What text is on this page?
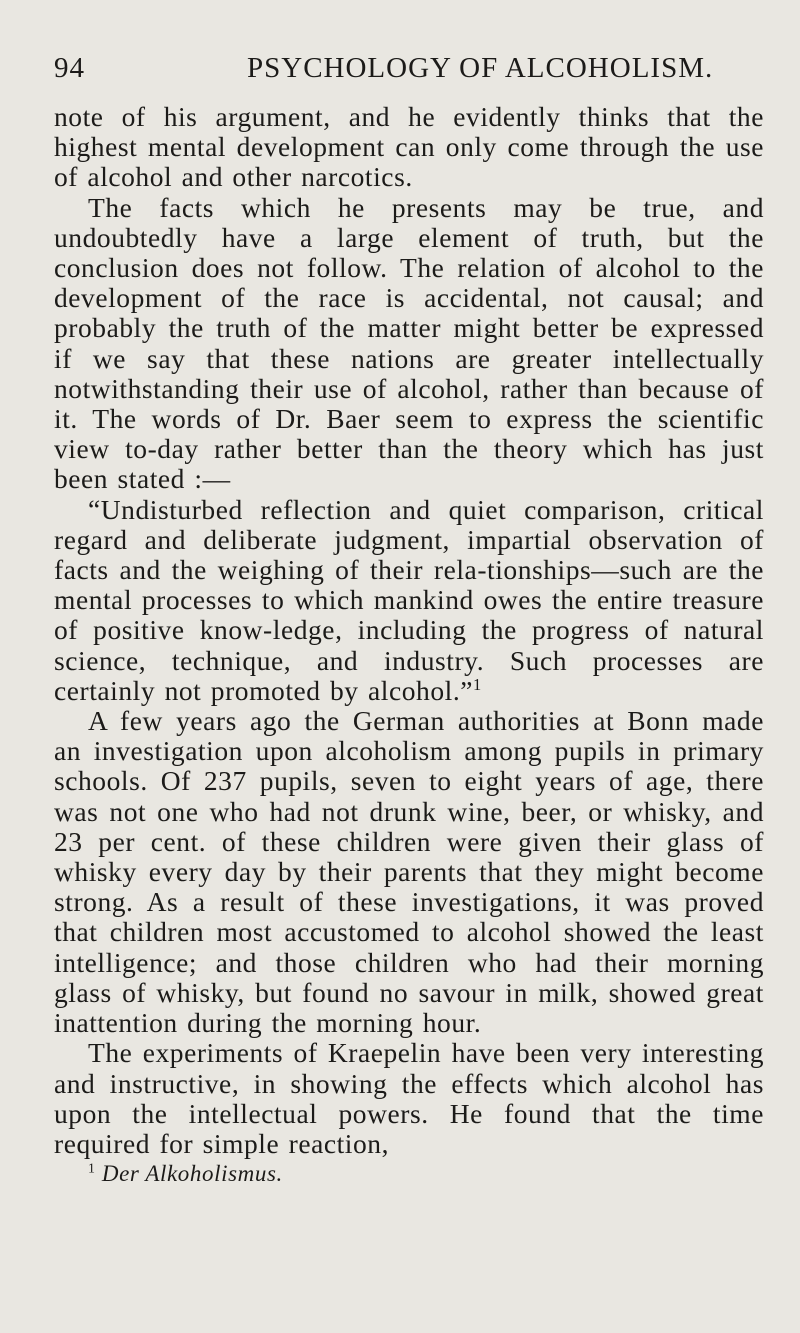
94	PSYCHOLOGY OF ALCOHOLISM.

note of his argument, and he evidently thinks that the highest mental development can only come through the use of alcohol and other narcotics.

The facts which he presents may be true, and undoubtedly have a large element of truth, but the conclusion does not follow. The relation of alcohol to the development of the race is accidental, not causal; and probably the truth of the matter might better be expressed if we say that these nations are greater intellectually notwithstanding their use of alcohol, rather than because of it. The words of Dr. Baer seem to express the scientific view to-day rather better than the theory which has just been stated :—

“Undisturbed reflection and quiet comparison, critical regard and deliberate judgment, impartial observation of facts and the weighing of their rela-tionships—such are the mental processes to which mankind owes the entire treasure of positive know-ledge, including the progress of natural science, technique, and industry. Such processes are certainly not promoted by alcohol.”$^1$

A few years ago the German authorities at Bonn made an investigation upon alcoholism among pupils in primary schools. Of 237 pupils, seven to eight years of age, there was not one who had not drunk wine, beer, or whisky, and 23 per cent. of these children were given their glass of whisky every day by their parents that they might become strong. As a result of these investigations, it was proved that children most accustomed to alcohol showed the least intelligence; and those children who had their morning glass of whisky, but found no savour in milk, showed great inattention during the morning hour.

The experiments of Kraepelin have been very interesting and instructive, in showing the effects which alcohol has upon the intellectual powers. He found that the time required for simple reaction,

$^1$ Der Alkoholismus.
